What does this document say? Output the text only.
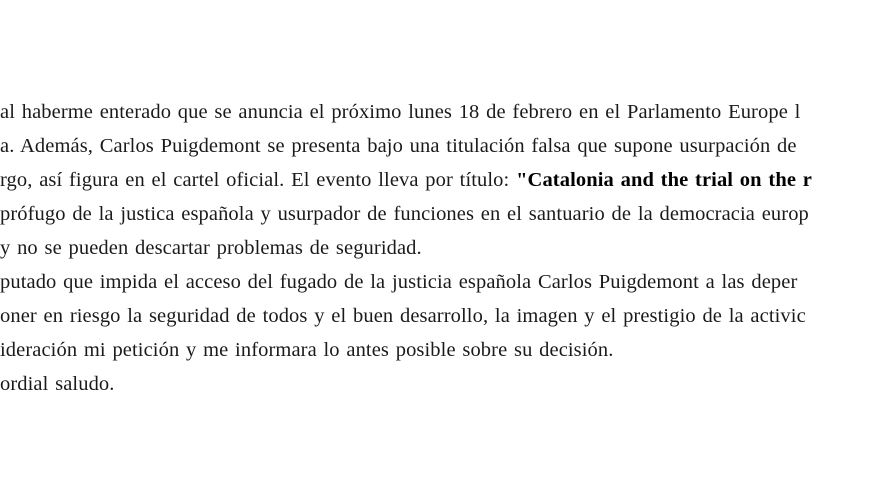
al haberme enterado que se anuncia el próximo lunes 18 de febrero en el Parlamento Europe l
a. Además, Carlos Puigdemont se presenta bajo una titulación falsa que supone usurpación de
rgo, así figura en el cartel oficial. El evento lleva por título: "Catalonia and the trial on the r
prófugo de la justica española y usurpador de funciones en el santuario de la democracia europ
y no se pueden descartar problemas de seguridad.
putado que impida el acceso del fugado de la justicia española Carlos Puigdemont a las deper
oner en riesgo la seguridad de todos y el buen desarrollo, la imagen y el prestigio de la activic
ideración mi petición y me informara lo antes posible sobre su decisión.
ordial saludo.
